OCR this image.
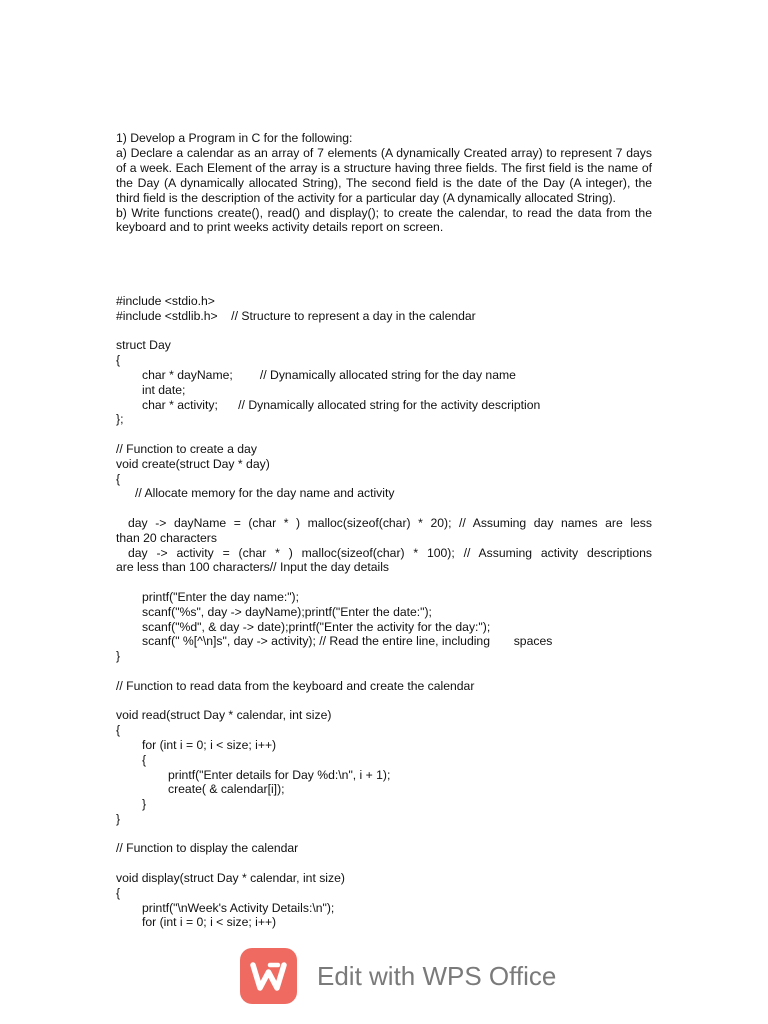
1) Develop a Program in C for the following:

a) Declare a calendar as an array of 7 elements (A dynamically Created array) to represent 7 days of a week. Each Element of the array is a structure having three fields. The first field is the name of the Day (A dynamically allocated String), The second field is the date of the Day (A integer), the third field is the description of the activity for a particular day (A dynamically allocated String).

b) Write functions create(), read() and display(); to create the calendar, to read the data from the keyboard and to print weeks activity details report on screen.

#include <stdio.h>
#include <stdlib.h>    // Structure to represent a day in the calendar
struct Day
{
char * dayName;        // Dynamically allocated string for the day name
int date;
char * activity;      // Dynamically allocated string for the activity description
};
// Function to create a day
void create(struct Day * day)
{
// Allocate memory for the day name and activity
day -> dayName = (char * ) malloc(sizeof(char) * 20); // Assuming day names are less
than 20 characters
day -> activity = (char * ) malloc(sizeof(char) * 100); // Assuming activity descriptions
are less than 100 characters// Input the day details
printf("Enter the day name:");
scanf("%s", day -> dayName);printf("Enter the date:");
scanf("%d", & day -> date);printf("Enter the activity for the day:");
scanf(" %[^\n]s", day -> activity); // Read the entire line, including       spaces
}
// Function to read data from the keyboard and create the calendar
void read(struct Day * calendar, int size)
{
for (int i = 0; i < size; i++)
{
printf("Enter details for Day %d:\n", i + 1);
create( & calendar[i]);
}
}
// Function to display the calendar
void display(struct Day * calendar, int size)
{
printf("\nWeek's Activity Details:\n");
for (int i = 0; i < size; i++)
Edit with WPS Office
